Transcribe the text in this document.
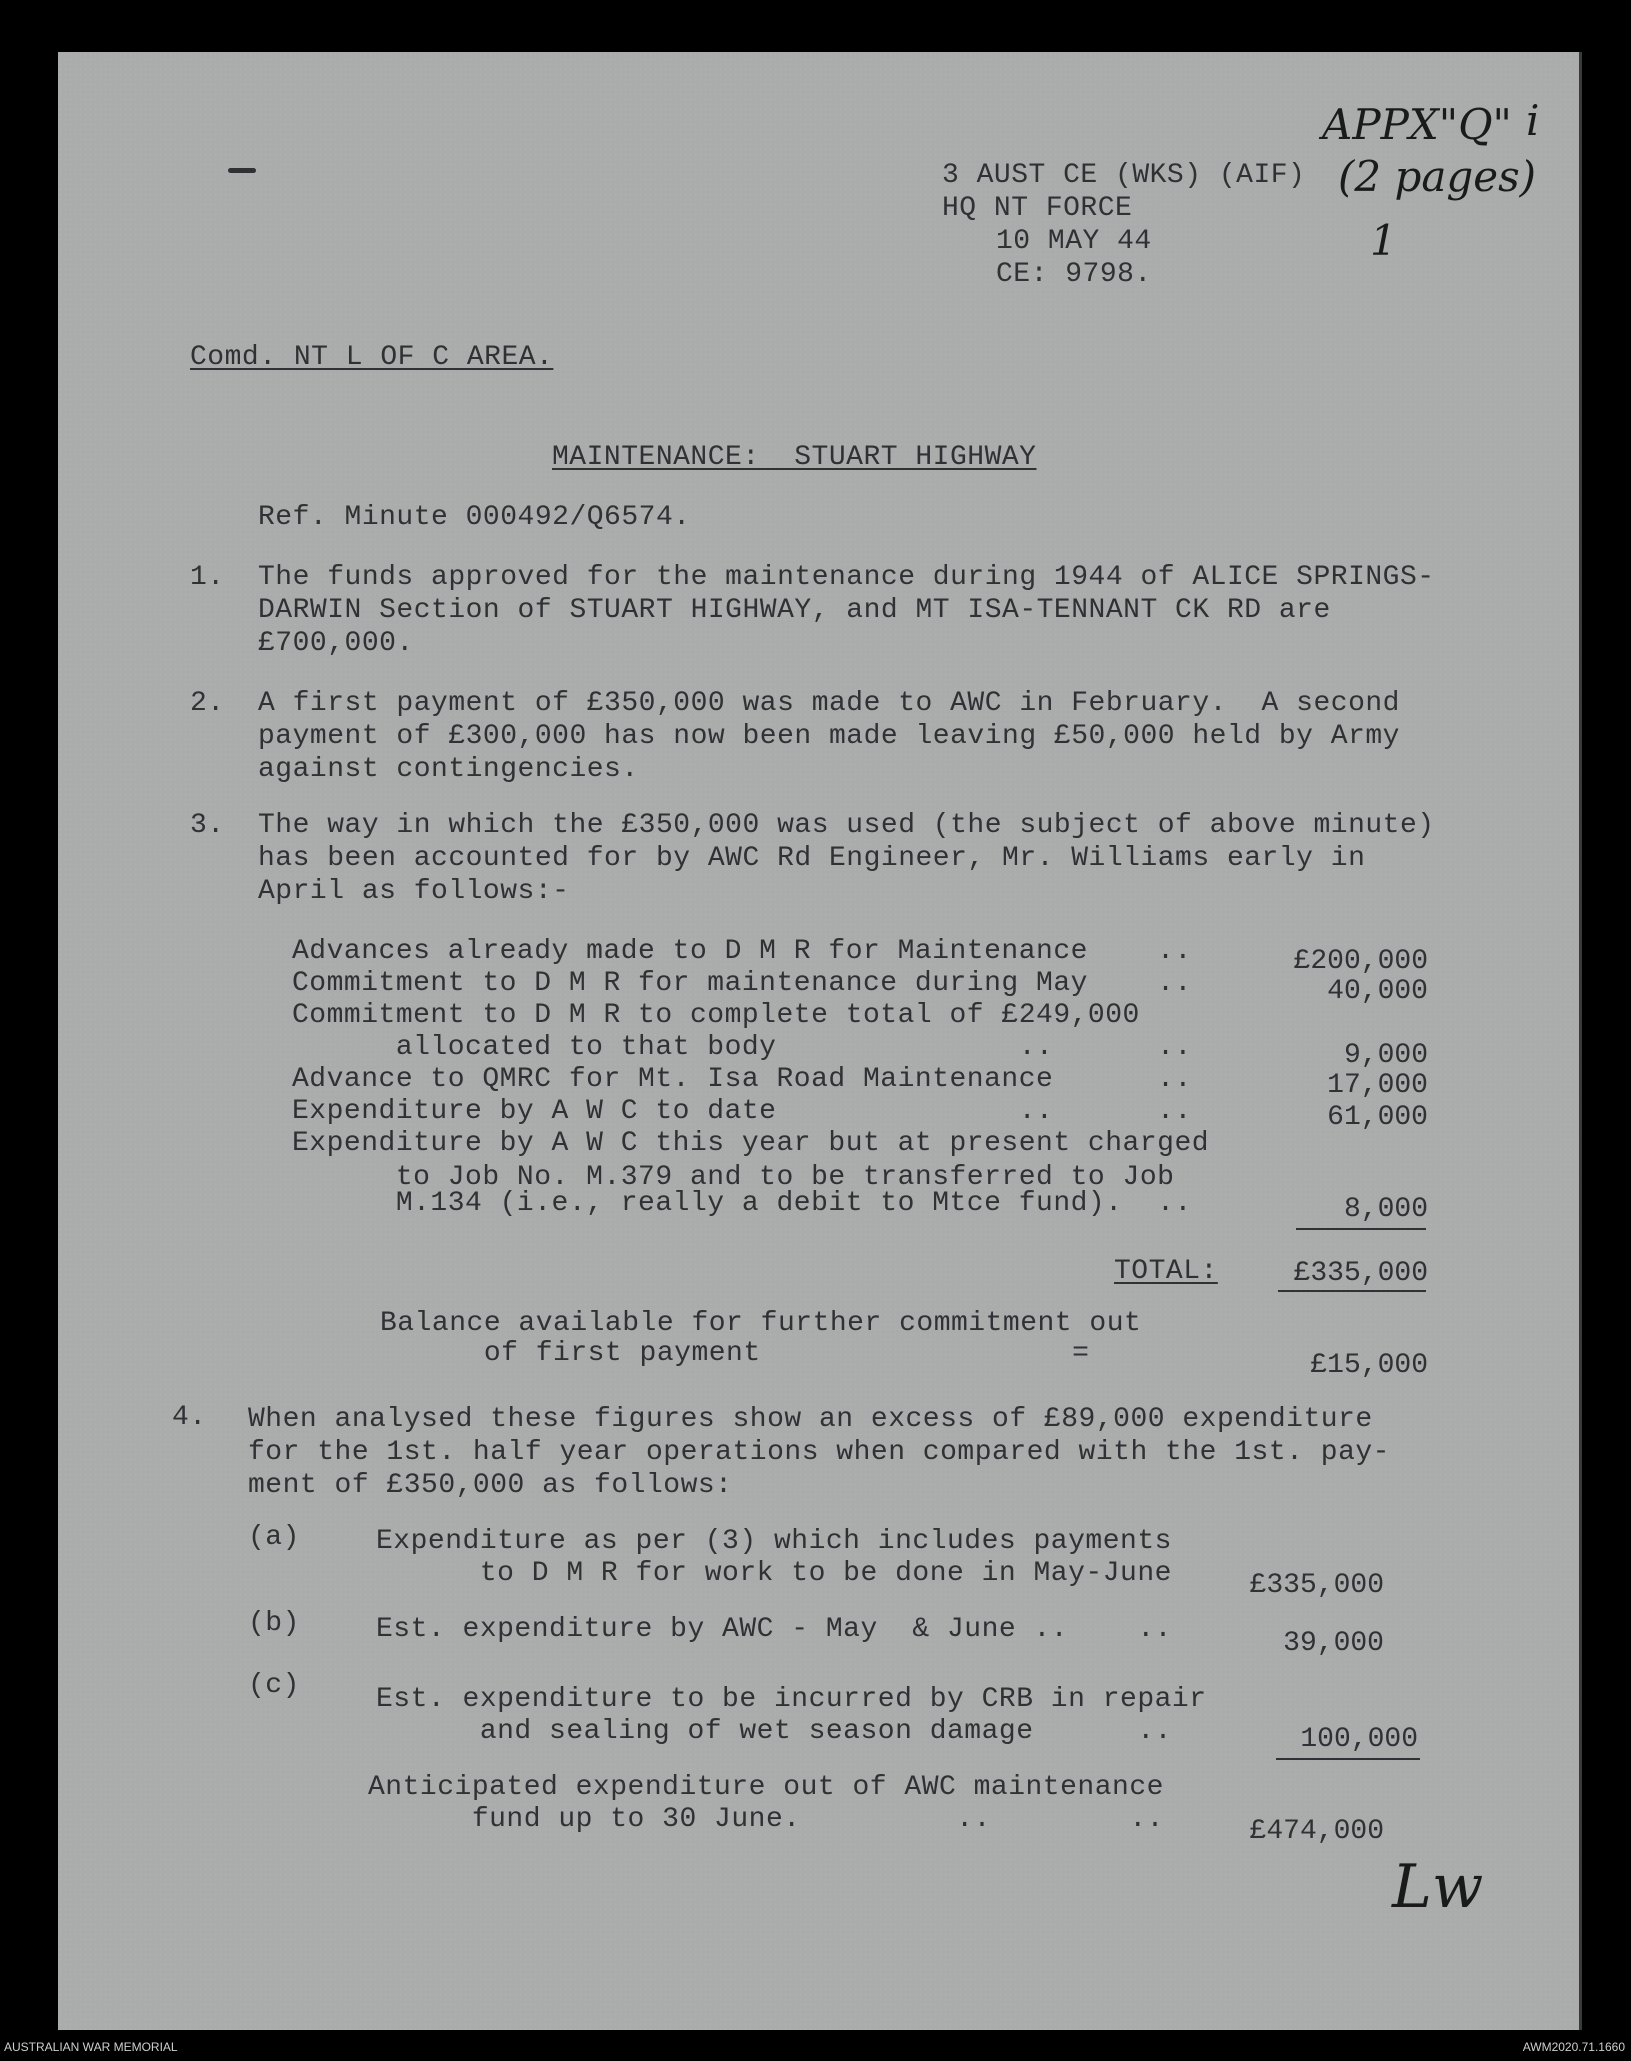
APPX"Q" i
(2 pages)
1
Lw
3 AUST CE (WKS) (AIF)
HQ NT FORCE
10 MAY 44
CE: 9798.
Comd. NT L OF C AREA.
MAINTENANCE:  STUART HIGHWAY
Ref. Minute 000492/Q6574.
1. The funds approved for the maintenance during 1944 of ALICE SPRINGS-
DARWIN Section of STUART HIGHWAY, and MT ISA-TENNANT CK RD are
£700,000.
2. A first payment of £350,000 was made to AWC in February.  A second
payment of £300,000 has now been made leaving £50,000 held by Army
against contingencies.
3. The way in which the £350,000 was used (the subject of above minute)
has been accounted for by AWC Rd Engineer, Mr. Williams early in
April as follows:-
Advances already made to D M R for Maintenance    ..	£200,000
Commitment to D M R for maintenance during May    ..	40,000
Commitment to D M R to complete total of £249,000
allocated to that body              ..      ..	9,000
Advance to QMRC for Mt. Isa Road Maintenance      ..	17,000
Expenditure by A W C to date              ..      ..	61,000
Expenditure by A W C this year but at present charged
to Job No. M.379 and to be transferred to Job
M.134 (i.e., really a debit to Mtce fund).  ..	8,000
TOTAL:	£335,000
Balance available for further commitment out
of first payment                  =	£15,000
4. When analysed these figures show an excess of £89,000 expenditure
for the 1st. half year operations when compared with the 1st. pay-
ment of £350,000 as follows:
(a)	Expenditure as per (3) which includes payments
to D M R for work to be done in May-June	£335,000
(b)	Est. expenditure by AWC - May  & June ..    ..	39,000
(c)	Est. expenditure to be incurred by CRB in repair
and sealing of wet season damage      ..	100,000
Anticipated expenditure out of AWC maintenance
fund up to 30 June.         ..        ..	£474,000
AUSTRALIAN WAR MEMORIAL	AWM2020.71.1660
